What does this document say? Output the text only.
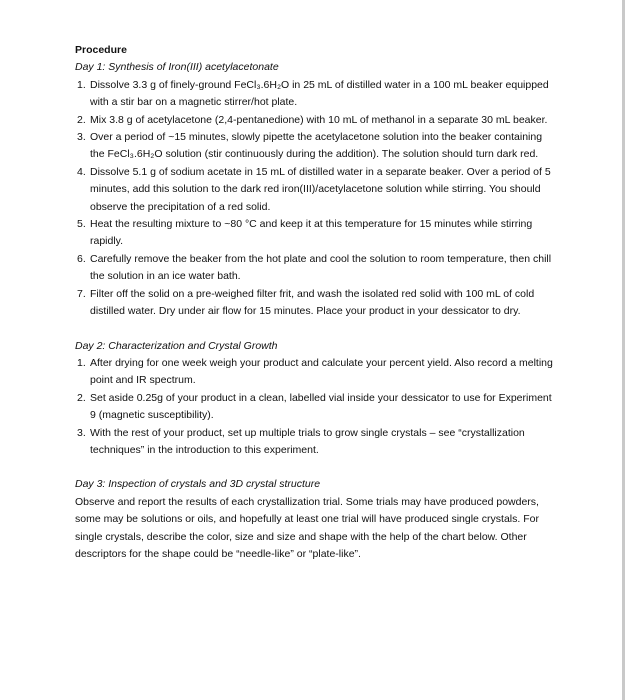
Procedure

Day 1: Synthesis of Iron(III) acetylacetonate

1. Dissolve 3.3 g of finely-ground FeCl₃.6H₂O in 25 mL of distilled water in a 100 mL beaker equipped with a stir bar on a magnetic stirrer/hot plate.
2. Mix 3.8 g of acetylacetone (2,4-pentanedione) with 10 mL of methanol in a separate 30 mL beaker.
3. Over a period of ~15 minutes, slowly pipette the acetylacetone solution into the beaker containing the FeCl₃.6H₂O solution (stir continuously during the addition). The solution should turn dark red.
4. Dissolve 5.1 g of sodium acetate in 15 mL of distilled water in a separate beaker. Over a period of 5 minutes, add this solution to the dark red iron(III)/acetylacetone solution while stirring. You should observe the precipitation of a red solid.
5. Heat the resulting mixture to ~80 °C and keep it at this temperature for 15 minutes while stirring rapidly.
6. Carefully remove the beaker from the hot plate and cool the solution to room temperature, then chill the solution in an ice water bath.
7. Filter off the solid on a pre-weighed filter frit, and wash the isolated red solid with 100 mL of cold distilled water. Dry under air flow for 15 minutes. Place your product in your dessicator to dry.

Day 2: Characterization and Crystal Growth

1. After drying for one week weigh your product and calculate your percent yield. Also record a melting point and IR spectrum.
2. Set aside 0.25g of your product in a clean, labelled vial inside your dessicator to use for Experiment 9 (magnetic susceptibility).
3. With the rest of your product, set up multiple trials to grow single crystals – see “crystallization techniques” in the introduction to this experiment.

Day 3: Inspection of crystals and 3D crystal structure

Observe and report the results of each crystallization trial. Some trials may have produced powders, some may be solutions or oils, and hopefully at least one trial will have produced single crystals. For single crystals, describe the color, size and size and shape with the help of the chart below. Other descriptors for the shape could be “needle-like” or “plate-like”.
